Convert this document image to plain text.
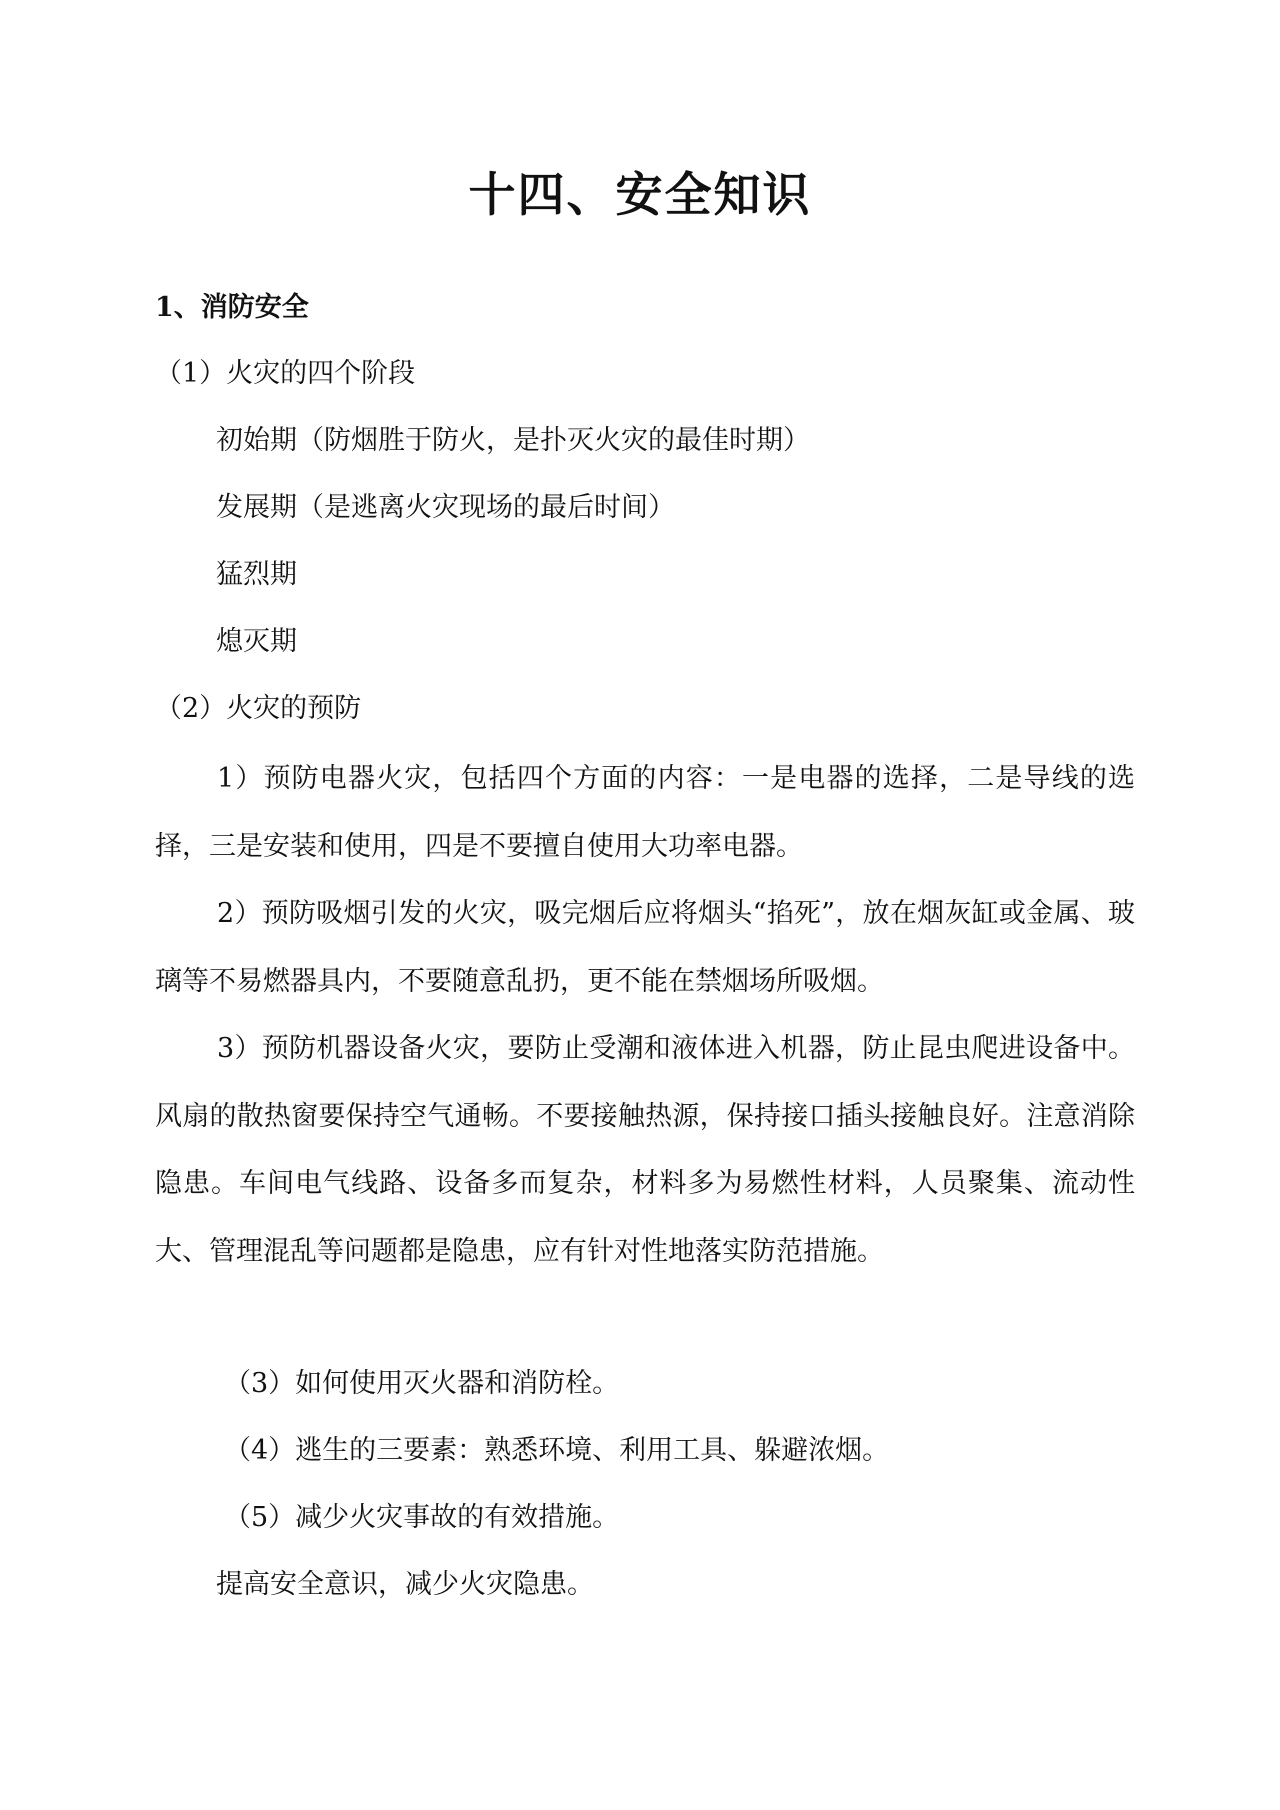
十四、安全知识
1、消防安全
（1）火灾的四个阶段
初始期（防烟胜于防火，是扑灭火灾的最佳时期）
发展期（是逃离火灾现场的最后时间）
猛烈期
熄灭期
（2）火灾的预防
1）预防电器火灾，包括四个方面的内容：一是电器的选择，二是导线的选择，三是安装和使用，四是不要擅自使用大功率电器。
2）预防吸烟引发的火灾，吸完烟后应将烟头“掐死”，放在烟灰缸或金属、玻璃等不易燃器具内，不要随意乱扔，更不能在禁烟场所吸烟。
3）预防机器设备火灾，要防止受潮和液体进入机器，防止昆虫爬进设备中。风扇的散热窗要保持空气通畅。不要接触热源，保持接口插头接触良好。注意消除隐患。车间电气线路、设备多而复杂，材料多为易燃性材料，人员聚集、流动性大、管理混乱等问题都是隐患，应有针对性地落实防范措施。
（3）如何使用灭火器和消防栓。
（4）逃生的三要素：熟悉环境、利用工具、躲避浓烟。
（5）减少火灾事故的有效措施。
提高安全意识，减少火灾隐患。
